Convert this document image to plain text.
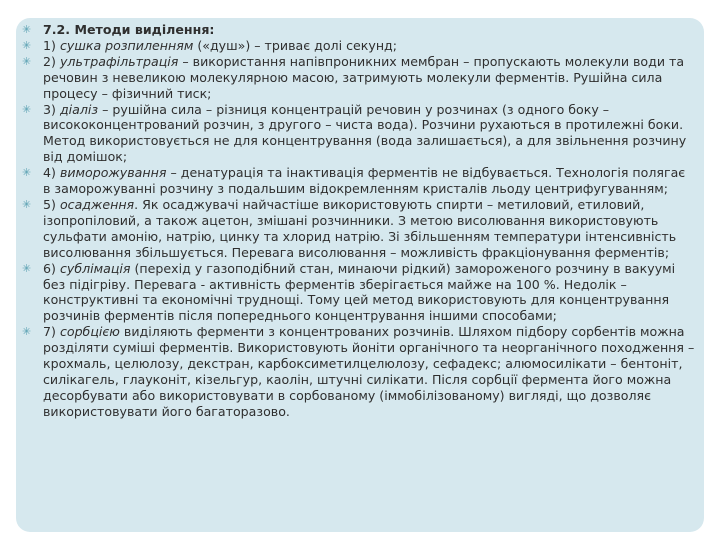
✳ 7.2. Методи виділення:

✳ 1) сушка розпиленням («душ») – триває долі секунд;

✳ 2) ультрафільтрація – використання напівпроникних мембран – пропускають молекули води та речовин з невеликою молекулярною масою, затримують молекули ферментів. Рушійна сила процесу – фізичний тиск;

✳ 3) діаліз – рушійна сила – різниця концентрацій речовин у розчинах (з одного боку – висококонцентрований розчин, з другого – чиста вода). Розчини рухаються в протилежні боки. Метод використовується не для концентрування (вода залишається), а для звільнення розчину від домішок;

✳ 4) виморожування – денатурація та інактивація ферментів не відбувається. Технологія полягає в заморожуванні розчину з подальшим відокремленням кристалів льоду центрифугуванням;

✳ 5) осадження. Як осаджувачі найчастіше використовують спирти – метиловий, етиловий, ізопропіловий, а також ацетон, змішані розчинники. З метою висолювання використовують сульфати амонію, натрію, цинку та хлорид натрію. Зі збільшенням температури інтенсивність висолювання збільшується. Перевага висолювання – можливість фракціонування ферментів;

✳ 6) сублімація (перехід у газоподібний стан, минаючи рідкий) замороженого розчину в вакуумі без підігріву. Перевага - активність ферментів зберігається майже на 100 %. Недолік – конструктивні та економічні труднощі. Тому цей метод використовують для концентрування розчинів ферментів після попереднього концентрування іншими способами;

✳ 7) сорбцією виділяють ферменти з концентрованих розчинів. Шляхом підбору сорбентів можна розділяти суміші ферментів. Використовують йоніти органічного та неорганічного походження – крохмаль, целюлозу, декстран, карбоксиметилцелюлозу, сефадекс; алюмосилікати – бентоніт, силікагель, глауконіт, кізельгур, каолін, штучні силікати. Після сорбції фермента його можна десорбувати або використовувати в сорбованому (іммобілізованому) вигляді, що дозволяє використовувати його багаторазово.
